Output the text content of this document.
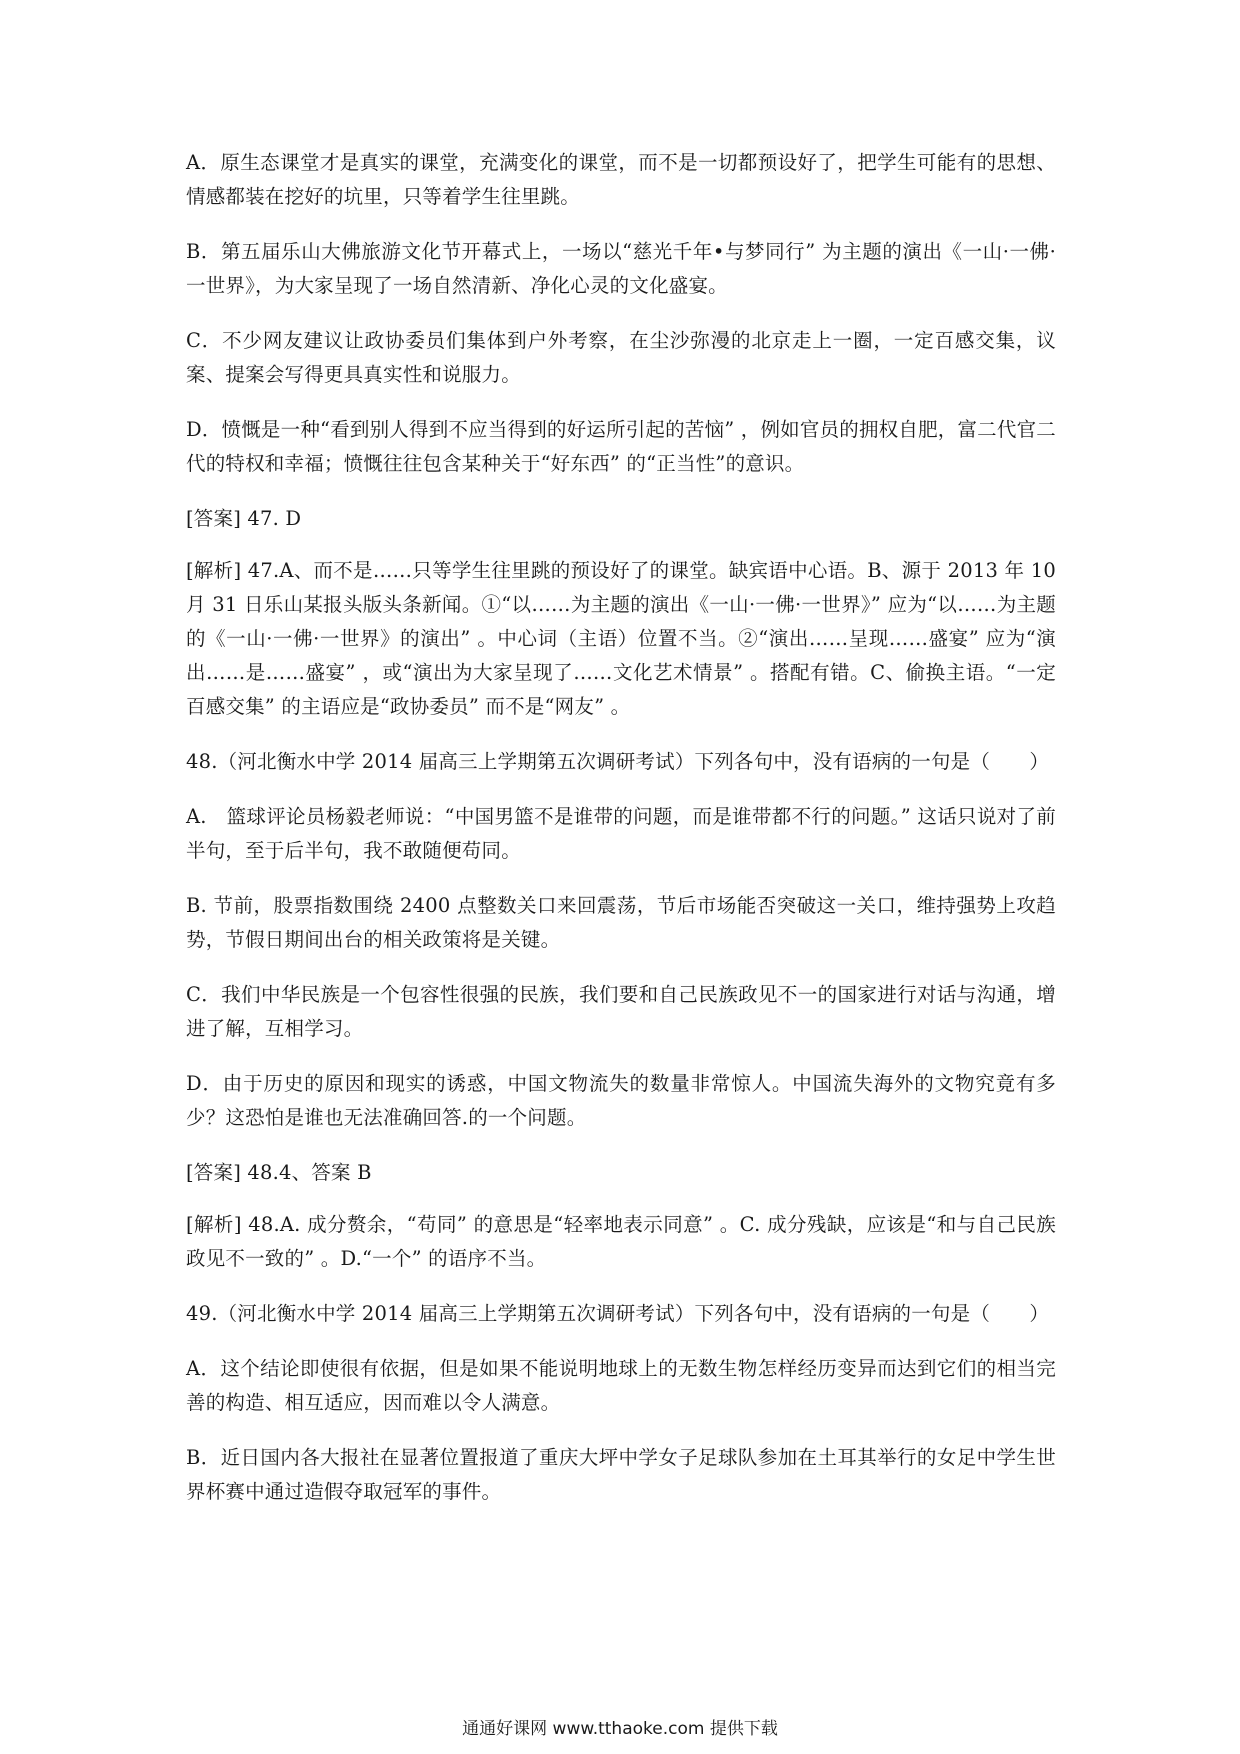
A．原生态课堂才是真实的课堂，充满变化的课堂，而不是一切都预设好了，把学生可能有的思想、情感都装在挖好的坑里，只等着学生往里跳。

B．第五届乐山大佛旅游文化节开幕式上，一场以“慈光千年•与梦同行” 为主题的演出《一山·一佛·一世界》，为大家呈现了一场自然清新、净化心灵的文化盛宴。

C．不少网友建议让政协委员们集体到户外考察，在尘沙弥漫的北京走上一圈，一定百感交集，议案、提案会写得更具真实性和说服力。

D．愤慨是一种“看到别人得到不应当得到的好运所引起的苦恼” ，例如官员的拥权自肥，富二代官二代的特权和幸福；愤慨往往包含某种关于“好东西” 的“正当性”的意识。

[答案] 47. D

[解析] 47.A、而不是……只等学生往里跳的预设好了的课堂。缺宾语中心语。B、源于 2013 年 10 月 31 日乐山某报头版头条新闻。①“以……为主题的演出《一山·一佛·一世界》” 应为“以……为主题的《一山·一佛·一世界》的演出” 。中心词（主语）位置不当。②“演出……呈现……盛宴” 应为“演出……是……盛宴” ，或“演出为大家呈现了……文化艺术情景” 。搭配有错。C、偷换主语。“一定百感交集” 的主语应是“政协委员” 而不是“网友” 。

48.（河北衡水中学 2014 届高三上学期第五次调研考试）下列各句中，没有语病的一句是（　　）

A.　篮球评论员杨毅老师说：“中国男篮不是谁带的问题，而是谁带都不行的问题。” 这话只说对了前半句，至于后半句，我不敢随便苟同。

B. 节前，股票指数围绕 2400 点整数关口来回震荡，节后市场能否突破这一关口，维持强势上攻趋势，节假日期间出台的相关政策将是关键。

C．我们中华民族是一个包容性很强的民族，我们要和自己民族政见不一的国家进行对话与沟通，增进了解，互相学习。

D．由于历史的原因和现实的诱惑，中国文物流失的数量非常惊人。中国流失海外的文物究竟有多少？这恐怕是谁也无法准确回答.的一个问题。

[答案] 48.4、答案 B

[解析] 48.A. 成分赘余，“苟同” 的意思是“轻率地表示同意” 。C. 成分残缺，应该是“和与自己民族政见不一致的” 。D.“一个” 的语序不当。

49.（河北衡水中学 2014 届高三上学期第五次调研考试）下列各句中，没有语病的一句是（　　）

A．这个结论即使很有依据，但是如果不能说明地球上的无数生物怎样经历变异而达到它们的相当完善的构造、相互适应，因而难以令人满意。

B．近日国内各大报社在显著位置报道了重庆大坪中学女子足球队参加在土耳其举行的女足中学生世界杯赛中通过造假夺取冠军的事件。

通通好课网 www.tthaoke.com 提供下载
